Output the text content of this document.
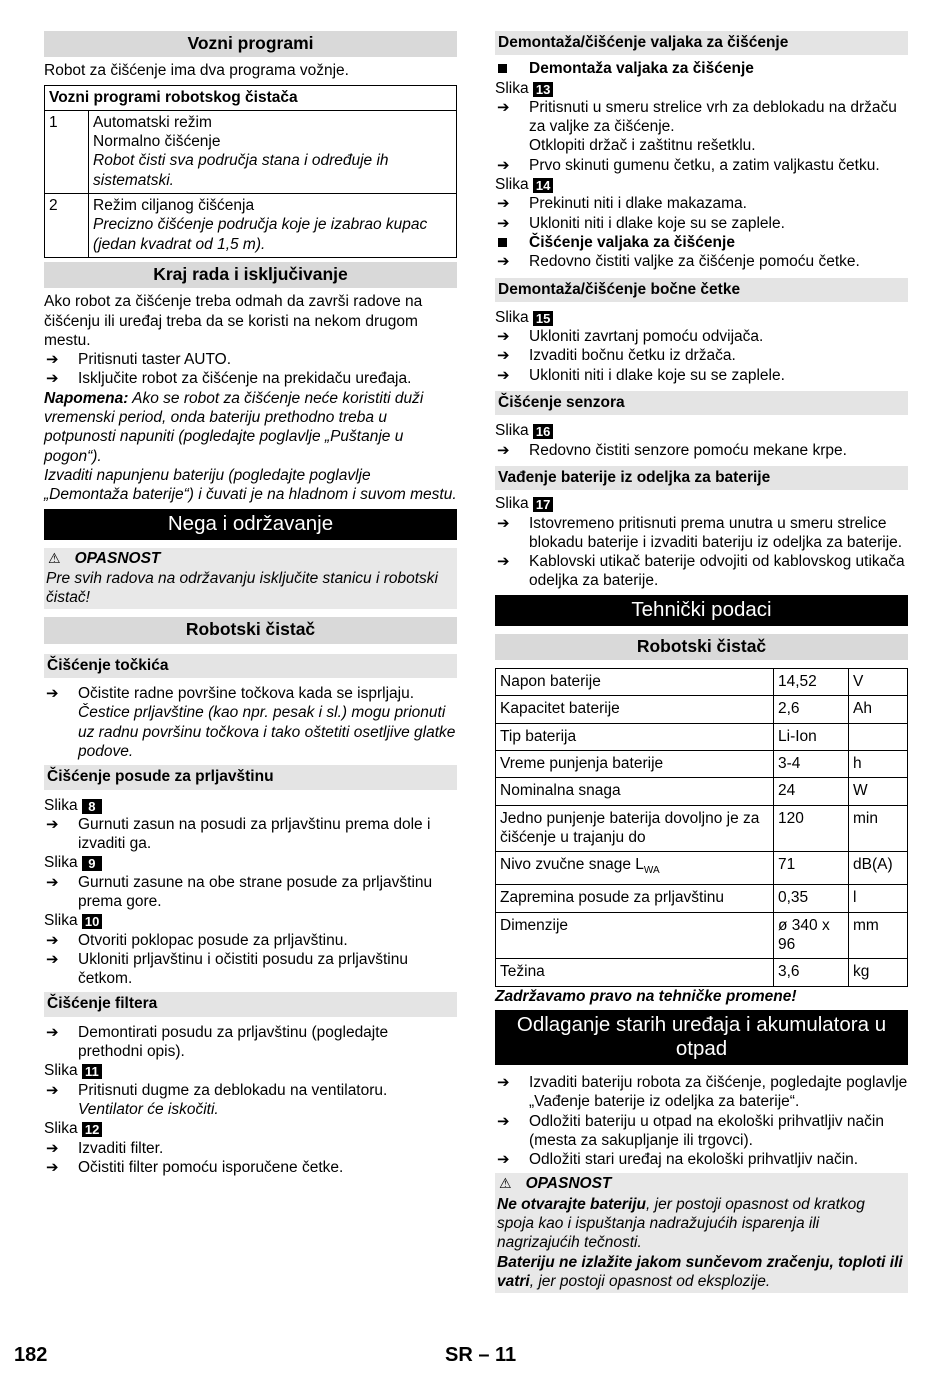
Vozni programi

Robot za čišćenje ima dva programa vožnje.

Vozni programi robotskog čistača	
1	Automatski režim
Normalno čišćenje
Robot čisti sva područja stana i određuje ih sistematski.

2	Režim ciljanog čišćenja
Precizno čišćenje područja koje je izabrao kupac (jedan kvadrat od 1,5 m).
Kraj rada i isključivanje

Ako robot za čišćenje treba odmah da završi radove na čišćenju ili uređaj treba da se koristi na nekom drugom mestu.

➔ Pritisnuti taster AUTO.

➔ Isključite robot za čišćenje na prekidaču uređaja.

Napomena: Ako se robot za čišćenje neće koristiti duži vremenski period, onda bateriju prethodno treba u potpunosti napuniti (pogledajte poglavlje „Puštanje u pogon“).

Izvaditi napunjenu bateriju (pogledajte poglavlje „Demontaža baterije“) i čuvati je na hladnom i suvom mestu.

Nega i održavanje
⚠ OPASNOST
Pre svih radova na održavanju isključite stanicu i robotski čistač!
Robotski čistač
Čišćenje točkića

➔ Očistite radne površine točkova kada se isprljaju.

Čestice prljavštine (kao npr. pesak i sl.) mogu prionuti uz radnu površinu točkova i tako oštetiti osetljive glatke podove.

Čišćenje posude za prljavštinu

Slika 8

➔ Gurnuti zasun na posudi za prljavštinu prema dole i izvaditi ga.

Slika 9

➔ Gurnuti zasune na obe strane posude za prljavštinu prema gore.

Slika 10

➔ Otvoriti poklopac posude za prljavštinu.

➔ Ukloniti prljavštinu i očistiti posudu za prljavštinu četkom.

Čišćenje filtera

➔ Demontirati posudu za prljavštinu (pogledajte prethodni opis).

Slika 11

➔ Pritisnuti dugme za deblokadu na ventilatoru.

Ventilator će iskočiti.

Slika 12

➔ Izvaditi filter.

➔ Očistiti filter pomoću isporučene četke.

Demontaža/čišćenje valjaka za čišćenje

Demontaža valjaka za čišćenje

Slika 13

➔ Pritisnuti u smeru strelice vrh za deblokadu na držaču za valjke za čišćenje.

Otklopiti držač i zaštitnu rešetklu.

➔ Prvo skinuti gumenu četku, a zatim valjkastu četku.

Slika 14

➔ Prekinuti niti i dlake makazama.

➔ Ukloniti niti i dlake koje su se zaplele.

Čišćenje valjaka za čišćenje

➔ Redovno čistiti valjke za čišćenje pomoću četke.

Demontaža/čišćenje bočne četke

Slika 15

➔ Ukloniti zavrtanj pomoću odvijača.

➔ Izvaditi bočnu četku iz držača.

➔ Ukloniti niti i dlake koje su se zaplele.

Čišćenje senzora

Slika 16

➔ Redovno čistiti senzore pomoću mekane krpe.

Vađenje baterije iz odeljka za baterije

Slika 17

➔ Istovremeno pritisnuti prema unutra u smeru strelice blokadu baterije i izvaditi bateriju iz odeljka za baterije.

➔ Kablovski utikač baterije odvojiti od kablovskog utikača odeljka za baterije.

Tehnički podaci
Robotski čistač
Napon baterije	14,52	V
Kapacitet baterije	2,6	Ah
Tip baterija	Li-Ion	
Vreme punjenja baterije	3-4	h
Nominalna snaga	24	W
Jedno punjenje baterija dovoljno je za čišćenje u trajanju do	120	min
Nivo zvučne snage $L_{WA}$	71	dB(A)
Zapremina posude za prljavštinu	0,35	l
Dimenzije	ø 340 x 96	mm
Težina	3,6	kg

Zadržavamo pravo na tehničke promene!

Odlaganje starih uređaja i akumulatora u otpad

➔ Izvaditi bateriju robota za čišćenje, pogledajte poglavlje „Vađenje baterije iz odeljka za baterije“.

➔ Odložiti bateriju u otpad na ekološki prihvatljiv način (mesta za sakupljanje ili trgovci).

➔ Odložiti stari uređaj na ekološki prihvatljiv način.

⚠ OPASNOST
Ne otvarajte bateriju, jer postoji opasnost od kratkog spoja kao i ispuštanja nadražujućih isparenja ili nagrizajućih tečnosti.
Bateriju ne izlažite jakom sunčevom zračenju, toploti ili vatri, jer postoji opasnost od eksplozije.
182	SR – 11
